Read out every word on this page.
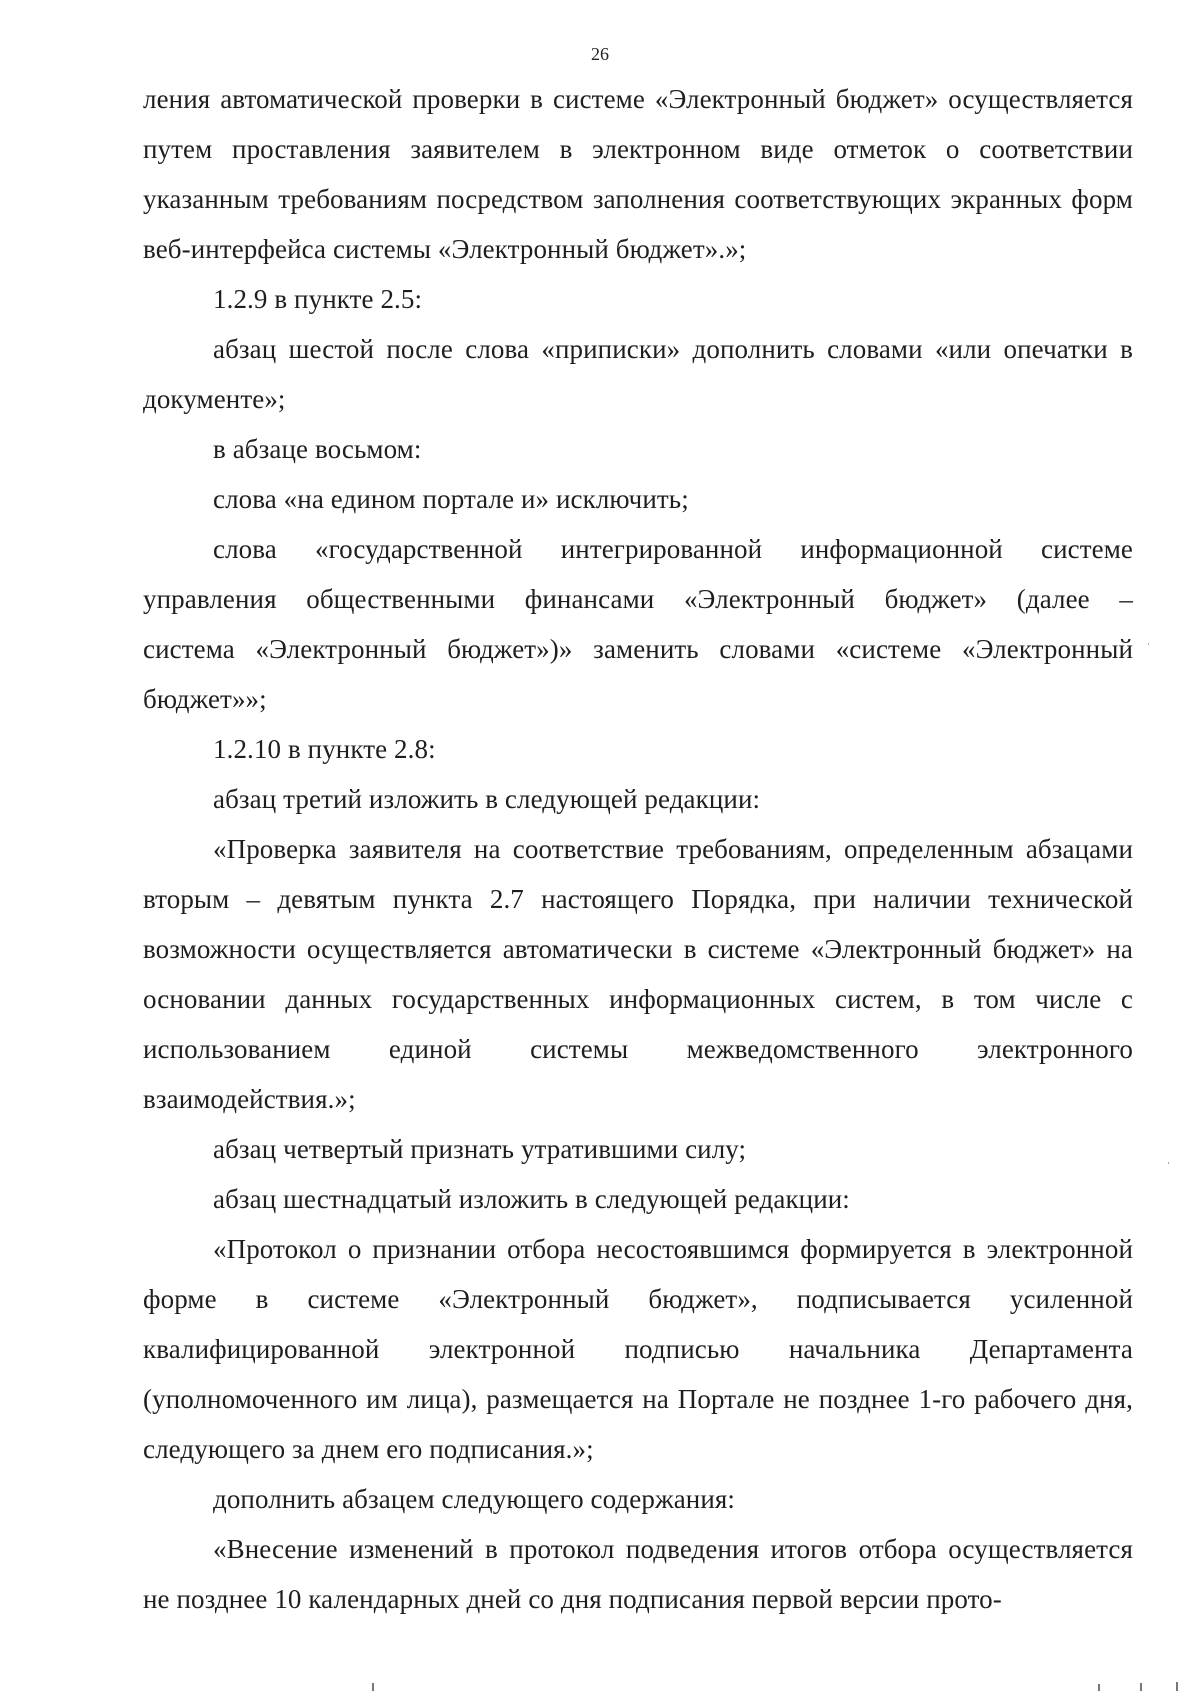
26

ления автоматической проверки в системе «Электронный бюджет» осуществляется путем проставления заявителем в электронном виде отметок о соответствии указанным требованиям посредством заполнения соответствующих экранных форм веб-интерфейса системы «Электронный бюджет».»;

1.2.9 в пункте 2.5:

абзац шестой после слова «приписки» дополнить словами «или опечатки в документе»;

в абзаце восьмом:

слова «на едином портале и» исключить;

слова «государственной интегрированной информационной системе управления общественными финансами «Электронный бюджет» (далее – система «Электронный бюджет»)» заменить словами «системе «Электронный бюджет»»;

1.2.10 в пункте 2.8:

абзац третий изложить в следующей редакции:

«Проверка заявителя на соответствие требованиям, определенным абзацами вторым – девятым пункта 2.7 настоящего Порядка, при наличии технической возможности осуществляется автоматически в системе «Электронный бюджет» на основании данных государственных информационных систем, в том числе с использованием единой системы межведомственного электронного взаимодействия.»;

абзац четвертый признать утратившими силу;

абзац шестнадцатый изложить в следующей редакции:

«Протокол о признании отбора несостоявшимся формируется в электронной форме в системе «Электронный бюджет», подписывается усиленной квалифицированной электронной подписью начальника Департамента (уполномоченного им лица), размещается на Портале не позднее 1-го рабочего дня, следующего за днем его подписания.»;

дополнить абзацем следующего содержания:

«Внесение изменений в протокол подведения итогов отбора осуществляется не позднее 10 календарных дней со дня подписания первой версии прото-
